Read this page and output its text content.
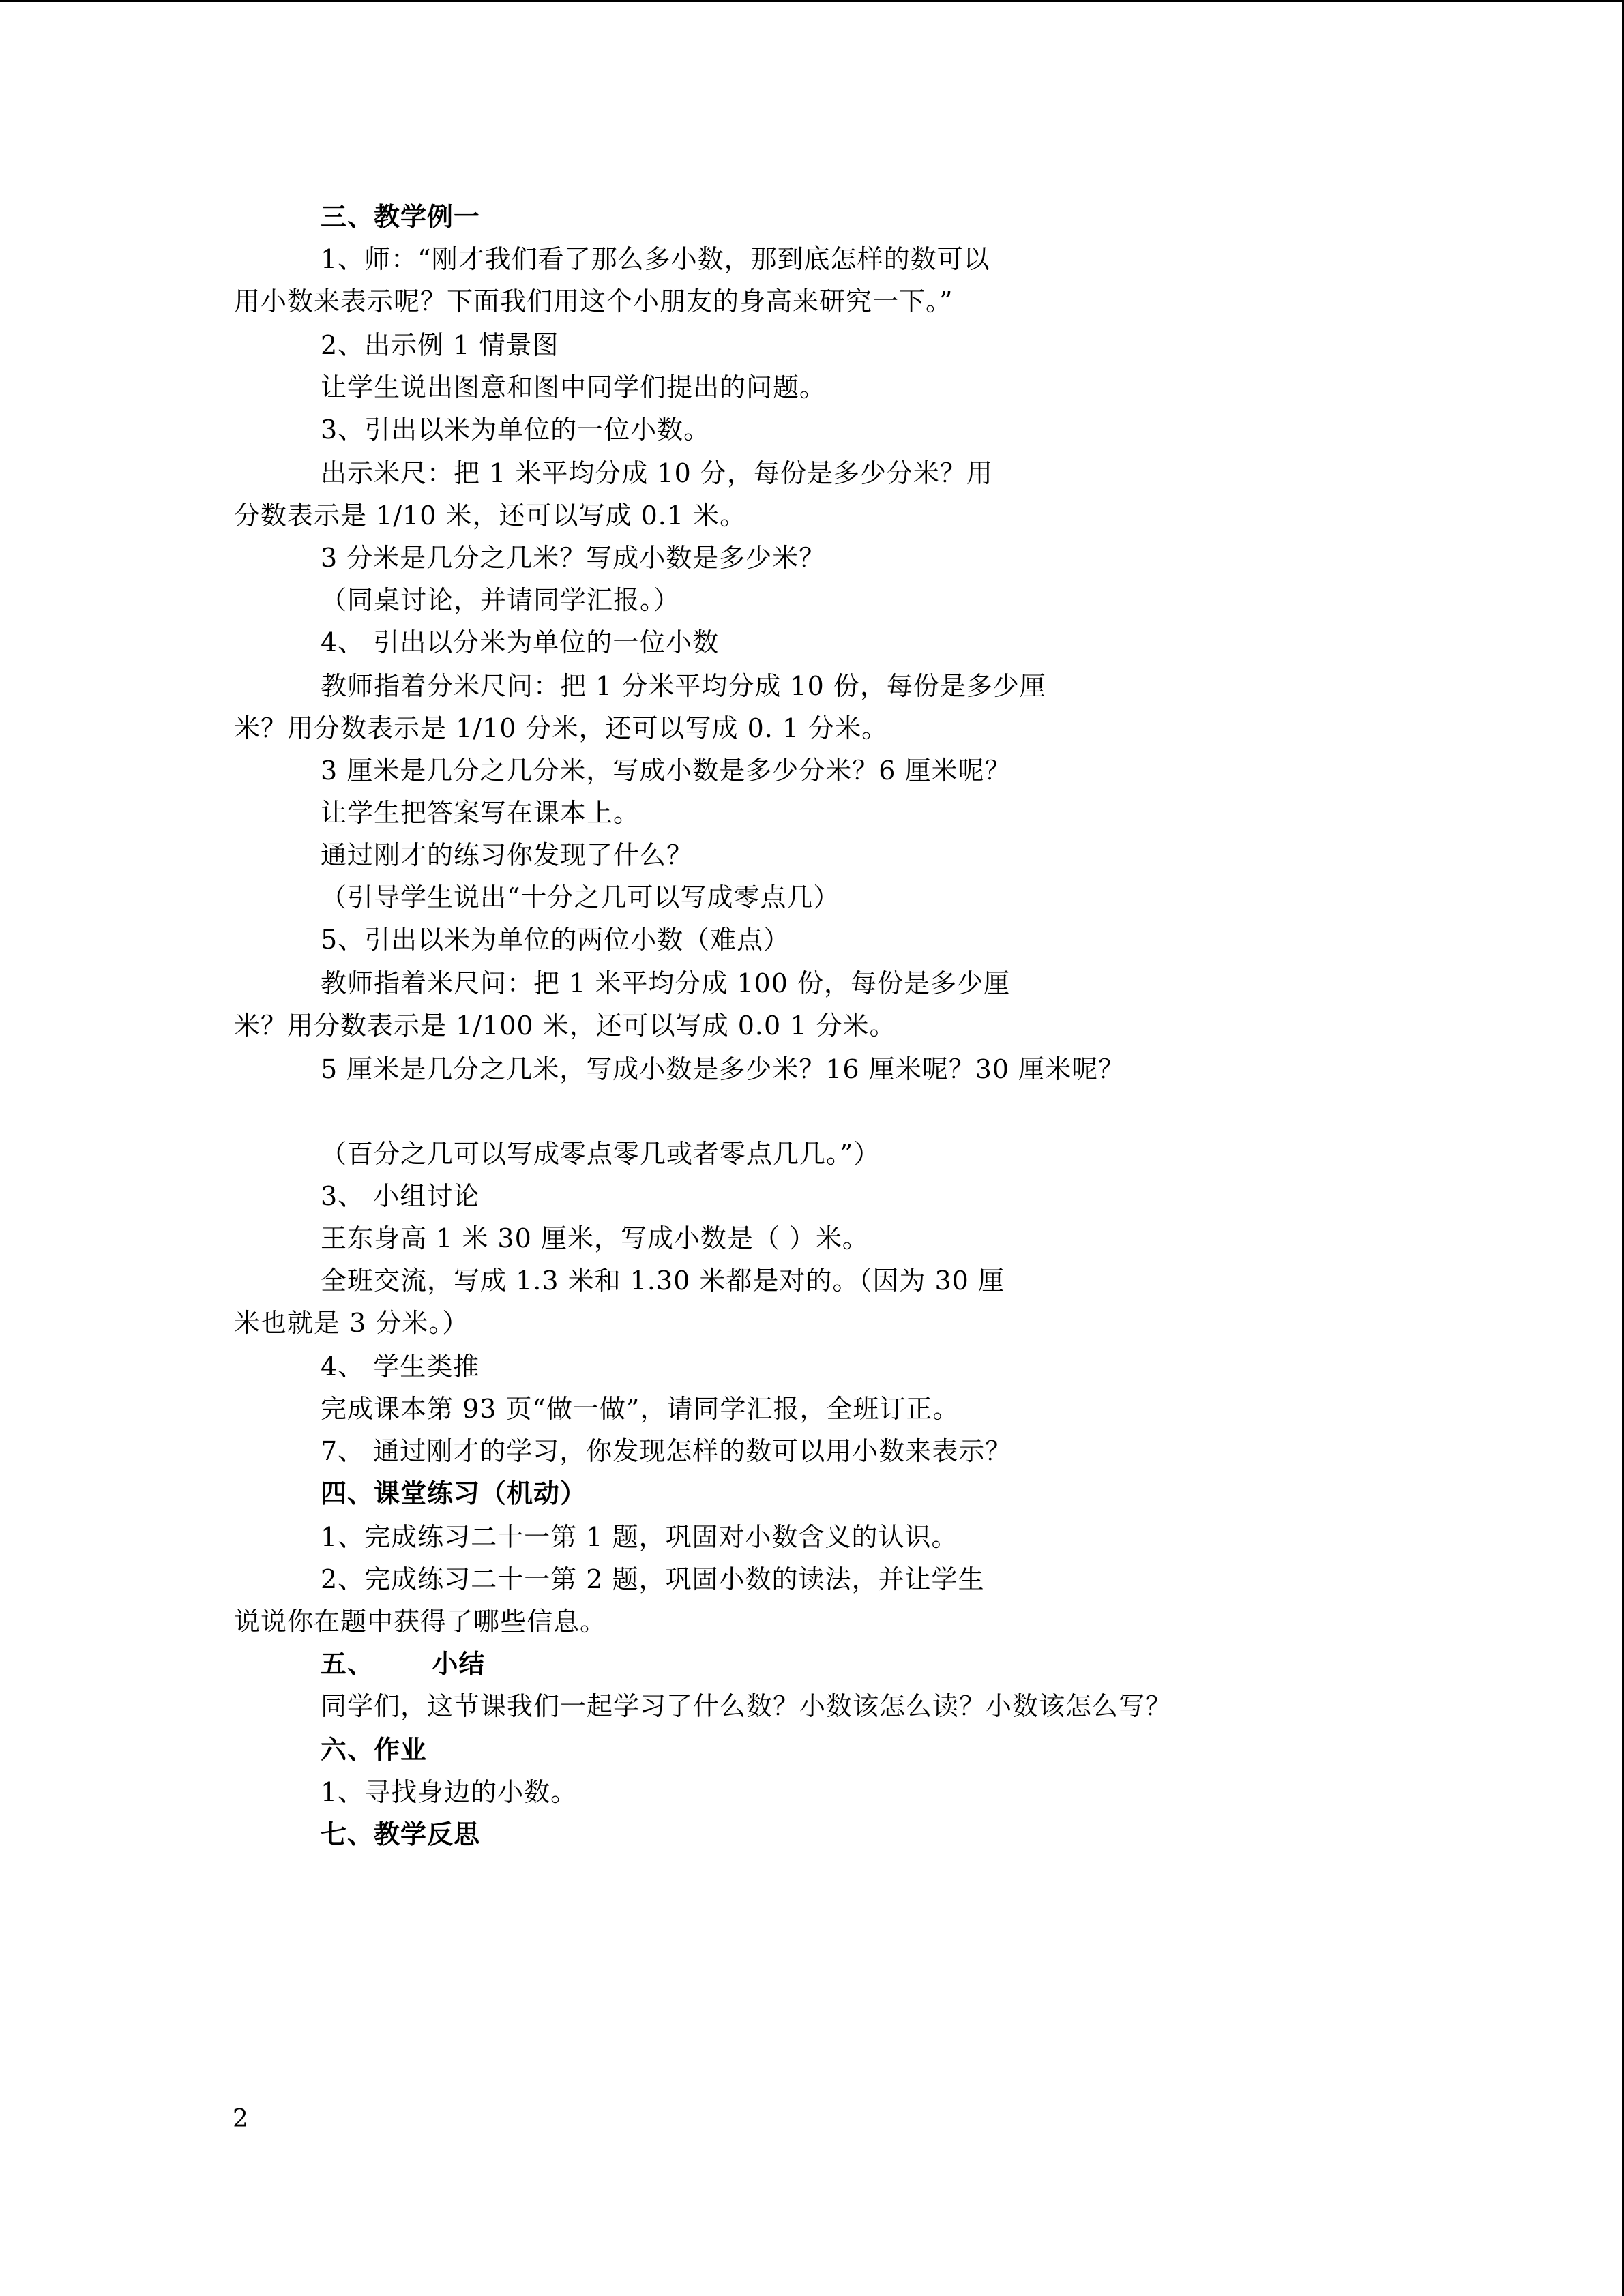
三、教学例一
1、师：“刚才我们看了那么多小数，那到底怎样的数可以
用小数来表示呢？下面我们用这个小朋友的身高来研究一下。”
2、出示例 1 情景图
让学生说出图意和图中同学们提出的问题。
3、引出以米为单位的一位小数。
出示米尺：把 1 米平均分成 10 分，每份是多少分米？用
分数表示是 1/10 米，还可以写成 0.1 米。
3 分米是几分之几米？写成小数是多少米？
（同桌讨论，并请同学汇报。）
4、 引出以分米为单位的一位小数
教师指着分米尺问：把 1 分米平均分成 10 份，每份是多少厘
米？用分数表示是 1/10 分米，还可以写成 0. 1 分米。
3 厘米是几分之几分米，写成小数是多少分米？6 厘米呢？
让学生把答案写在课本上。
通过刚才的练习你发现了什么？
（引导学生说出“十分之几可以写成零点几）
5、引出以米为单位的两位小数（难点）
教师指着米尺问：把 1 米平均分成 100 份，每份是多少厘
米？用分数表示是 1/100 米，还可以写成 0.0 1 分米。
5 厘米是几分之几米，写成小数是多少米？16 厘米呢？30 厘米呢？
（百分之几可以写成零点零几或者零点几几。”）
3、 小组讨论
王东身高 1 米 30 厘米，写成小数是（ ）米。
全班交流，写成 1.3 米和 1.30 米都是对的。（因为 30 厘
米也就是 3 分米。）
4、 学生类推
完成课本第 93 页“做一做”，请同学汇报，全班订正。
7、 通过刚才的学习，你发现怎样的数可以用小数来表示？
四、课堂练习（机动）
1、完成练习二十一第 1 题，巩固对小数含义的认识。
2、完成练习二十一第 2 题，巩固小数的读法，并让学生
说说你在题中获得了哪些信息。
五、      小结
同学们，这节课我们一起学习了什么数？小数该怎么读？小数该怎么写？
六、作业
1、寻找身边的小数。
七、教学反思
2
